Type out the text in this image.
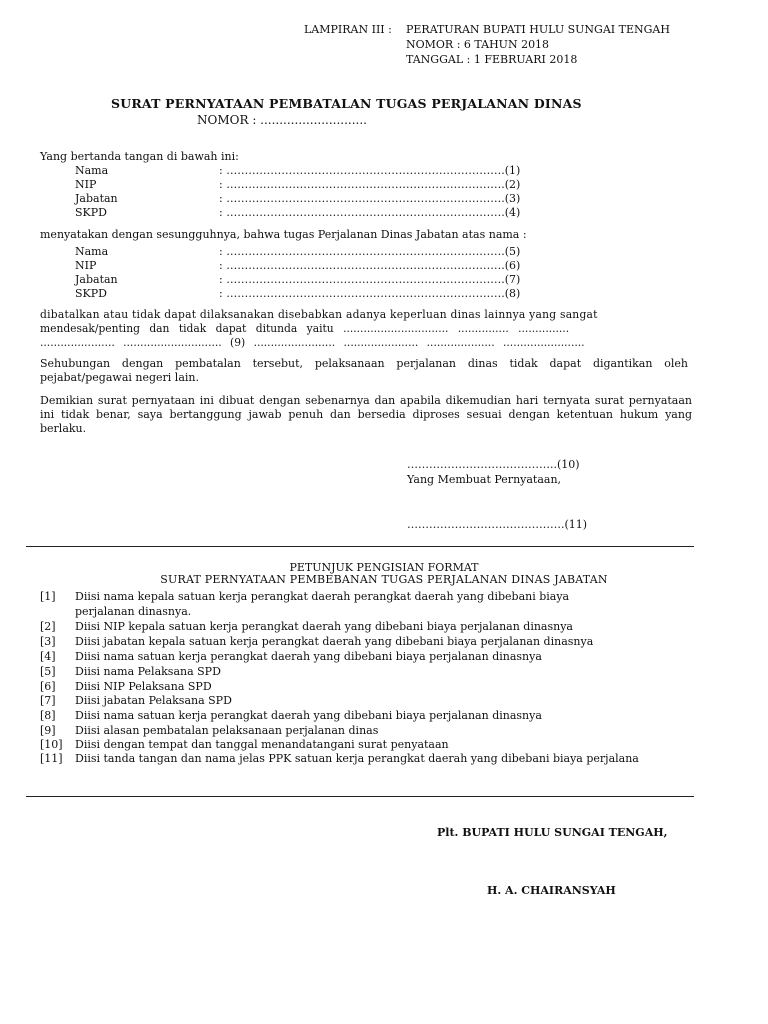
LAMPIRAN III : PERATURAN BUPATI HULU SUNGAI TENGAH
NOMOR : 6 TAHUN 2018
TANGGAL : 1 FEBRUARI 2018
SURAT PERNYATAAN PEMBATALAN TUGAS PERJALANAN DINAS
NOMOR : ............................
Yang bertanda tangan di bawah ini:
Nama	: ………………………………………………………………….(1)
NIP	: ………………………………………………………………….(2)
Jabatan	: ………………………………………………………………….(3)
SKPD	: ………………………………………………………………….(4)
menyatakan dengan sesungguhnya, bahwa tugas Perjalanan Dinas Jabatan atas nama :
Nama	: ………………………………………………………………….(5)
NIP	: ………………………………………………………………….(6)
Jabatan	: ………………………………………………………………….(7)
SKPD	: ………………………………………………………………….(8)
dibatalkan atau tidak dapat dilaksanakan disebabkan adanya keperluan dinas lainnya yang sangat
mendesak/penting dan tidak dapat ditunda yaitu ............................... ............... ...............
...................... ............................. (9) ........................ ...................... .................... ........................
Sehubungan dengan pembatalan tersebut, pelaksanaan perjalanan dinas tidak dapat digantikan oleh pejabat/pegawai negeri lain.
Demikian surat pernyataan ini dibuat dengan sebenarnya dan apabila dikemudian hari ternyata surat pernyataan ini tidak benar, saya bertanggung jawab penuh dan bersedia diproses sesuai dengan ketentuan hukum yang berlaku.
…………………………………..(10)
Yang Membuat Pernyataan,
…………………………………….(11)
PETUNJUK PENGISIAN FORMAT
SURAT PERNYATAAN PEMBEBANAN TUGAS PERJALANAN DINAS JABATAN
[1] Diisi nama kepala satuan kerja perangkat daerah perangkat daerah yang dibebani biaya
perjalanan dinasnya.
[2] Diisi NIP kepala satuan kerja perangkat daerah yang dibebani biaya perjalanan dinasnya
[3] Diisi jabatan kepala satuan kerja perangkat daerah yang dibebani biaya perjalanan dinasnya
[4] Diisi nama satuan kerja perangkat daerah yang dibebani biaya perjalanan dinasnya
[5] Diisi nama Pelaksana SPD
[6] Diisi NIP Pelaksana SPD
[7] Diisi jabatan Pelaksana SPD
[8] Diisi nama satuan kerja perangkat daerah yang dibebani biaya perjalanan dinasnya
[9] Diisi alasan pembatalan pelaksanaan perjalanan dinas
[10] Diisi dengan tempat dan tanggal menandatangani surat penyataan
[11] Diisi tanda tangan dan nama jelas PPK satuan kerja perangkat daerah yang dibebani biaya perjalana
Plt. BUPATI HULU SUNGAI TENGAH,
H. A. CHAIRANSYAH
